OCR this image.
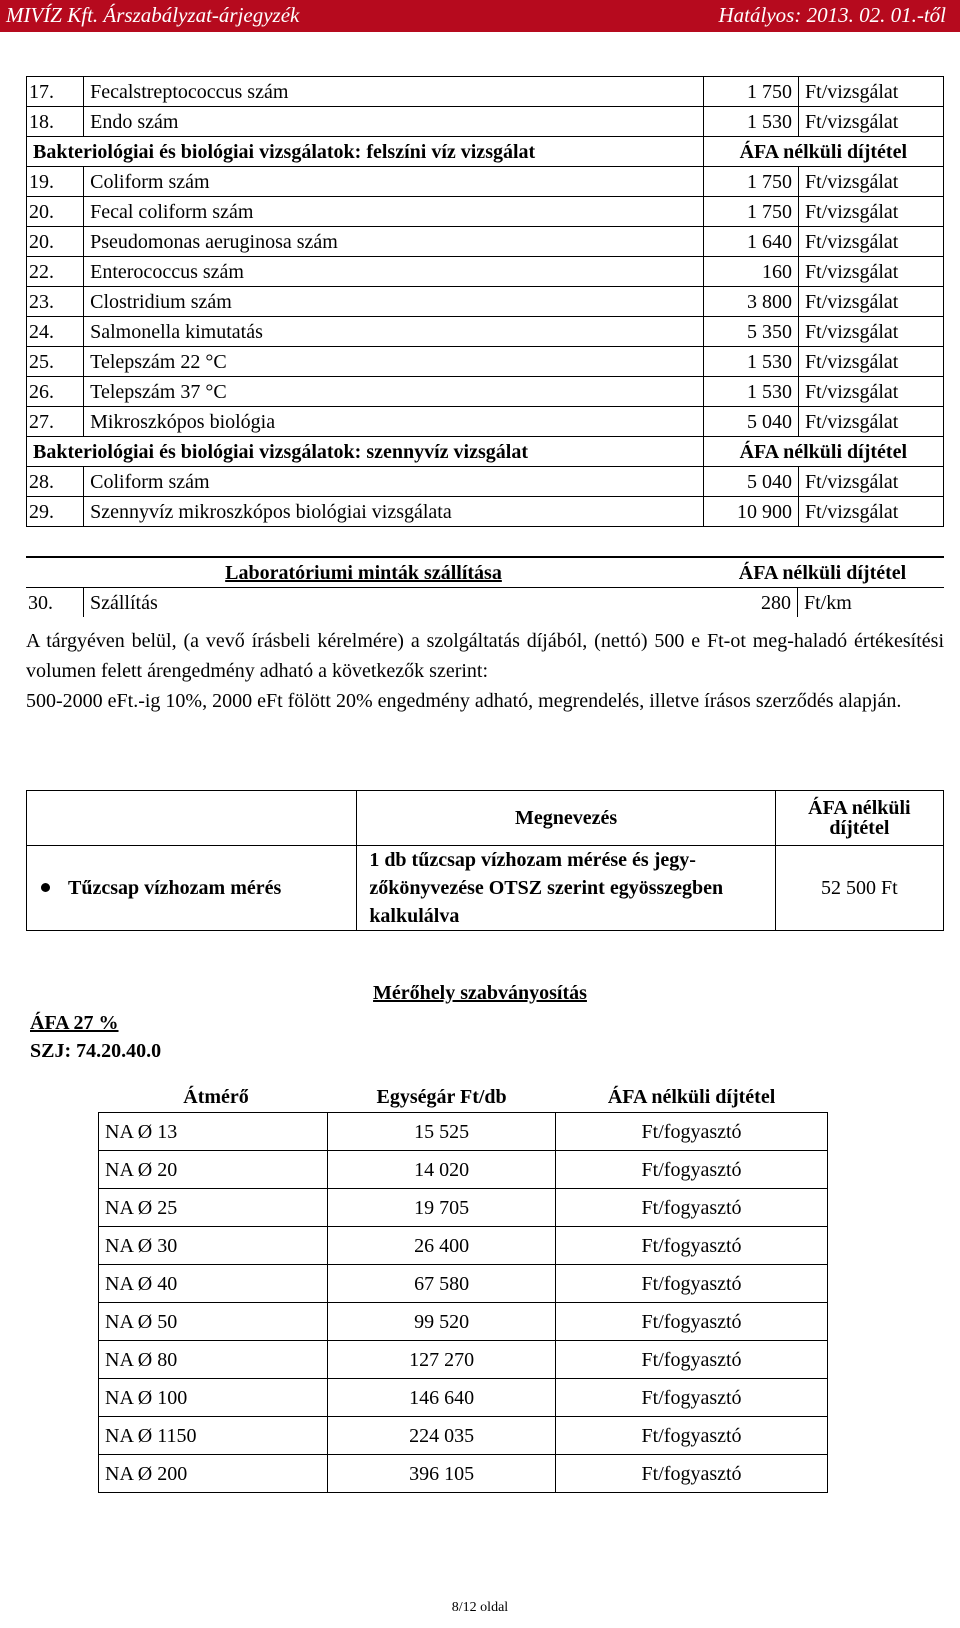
MIVÍZ Kft. Árszabályzat-árjegyzék	Hatályos: 2013. 02. 01.-től
17.	Fecalstreptococcus szám	1 750	Ft/vizsgálat
18.	Endo szám	1 530	Ft/vizsgálat
Bakteriológiai és biológiai vizsgálatok: felszíni víz vizsgálat		ÁFA nélküli díjtétel	
19.	Coliform szám	1 750	Ft/vizsgálat
20.	Fecal coliform szám	1 750	Ft/vizsgálat
20.	Pseudomonas aeruginosa szám	1 640	Ft/vizsgálat
22.	Enterococcus szám	160	Ft/vizsgálat
23.	Clostridium szám	3 800	Ft/vizsgálat
24.	Salmonella kimutatás	5 350	Ft/vizsgálat
25.	Telepszám 22 °C	1 530	Ft/vizsgálat
26.	Telepszám 37 °C	1 530	Ft/vizsgálat
27.	Mikroszkópos biológia	5 040	Ft/vizsgálat
Bakteriológiai és biológiai vizsgálatok: szennyvíz vizsgálat		ÁFA nélküli díjtétel	
28.	Coliform szám	5 040	Ft/vizsgálat
29.	Szennyvíz mikroszkópos biológiai vizsgálata	10 900	Ft/vizsgálat
Laboratóriumi minták szállítása		ÁFA nélküli díjtétel	
30.	Szállítás	280	Ft/km

A tárgyéven belül, (a vevő írásbeli kérelmére) a szolgáltatás díjából, (nettó) 500 e Ft-ot meg-haladó értékesítési volumen felett árengedmény adható a következők szerint:

500-2000 eFt.-ig 10%, 2000 eFt fölött 20% engedmény adható, megrendelés, illetve írásos szerződés alapján.

	Megnevezés	ÁFA nélküli díjtétel
Tűzcsap vízhozam mérés	1 db tűzcsap vízhozam mérése és jegy-zőkönyvezése OTSZ szerint egyösszegben kalkulálva	52 500 Ft
Mérőhely szabványosítás
ÁFA 27 %
SZJ: 74.20.40.0
Átmérő	Egységár Ft/db	ÁFA nélküli díjtétel
NA Ø 13	15 525	Ft/fogyasztó
NA Ø 20	14 020	Ft/fogyasztó
NA Ø 25	19 705	Ft/fogyasztó
NA Ø 30	26 400	Ft/fogyasztó
NA Ø 40	67 580	Ft/fogyasztó
NA Ø 50	99 520	Ft/fogyasztó
NA Ø 80	127 270	Ft/fogyasztó
NA Ø 100	146 640	Ft/fogyasztó
NA Ø 1150	224 035	Ft/fogyasztó
NA Ø 200	396 105	Ft/fogyasztó
8/12 oldal
